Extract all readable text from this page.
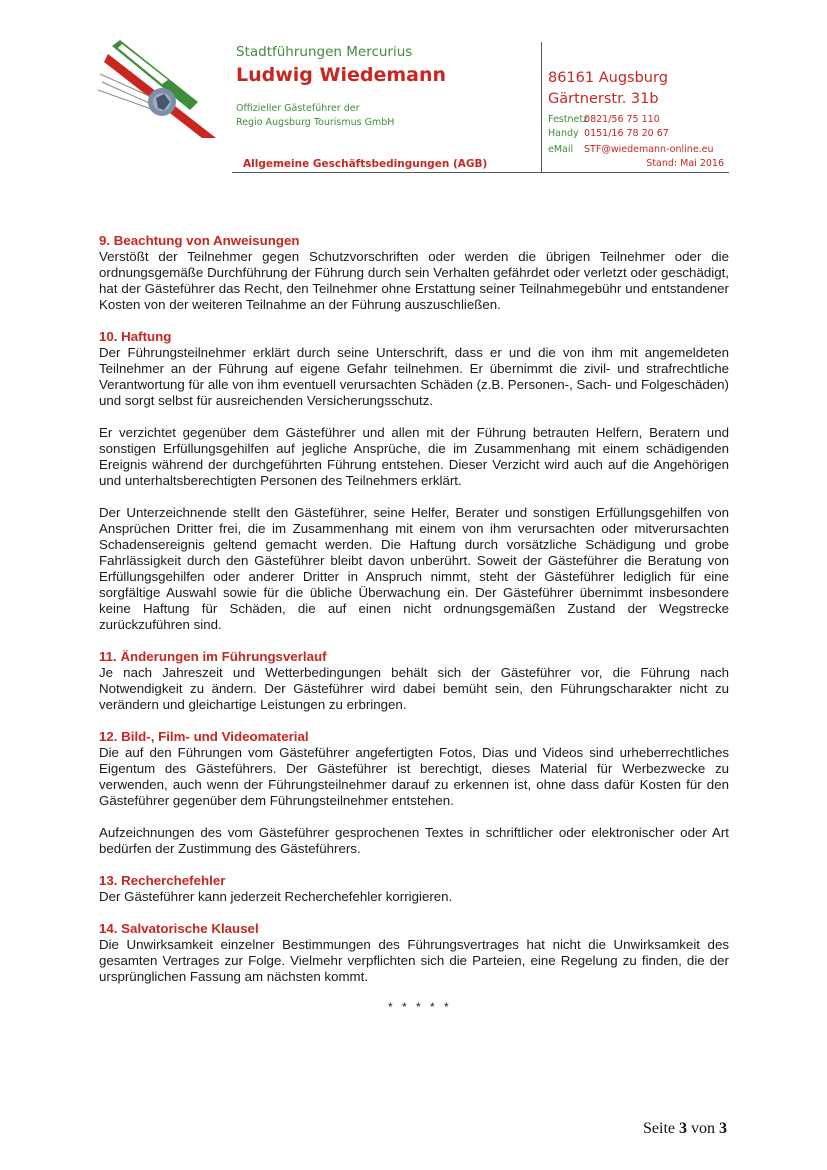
Stadtführungen Mercurius
Ludwig Wiedemann
Offizieller Gästeführer der
Regio Augsburg Tourismus GmbH
86161 Augsburg
Gärtnerstr. 31b
Festnetz 0821/56 75 110
Handy 0151/16 78 20 67
eMail STF@wiedemann-online.eu
Allgemeine Geschäftsbedingungen (AGB)	Stand: Mai 2016
9. Beachtung von Anweisungen

Verstößt der Teilnehmer gegen Schutzvorschriften oder werden die übrigen Teilnehmer oder die ordnungsgemäße Durchführung der Führung durch sein Verhalten gefährdet oder verletzt oder geschädigt, hat der Gästeführer das Recht, den Teilnehmer ohne Erstattung seiner Teilnahmegebühr und entstandener Kosten von der weiteren Teilnahme an der Führung auszuschließen.

10. Haftung

Der Führungsteilnehmer erklärt durch seine Unterschrift, dass er und die von ihm mit angemeldeten Teilnehmer an der Führung auf eigene Gefahr teilnehmen. Er übernimmt die zivil- und strafrechtliche Verantwortung für alle von ihm eventuell verursachten Schäden (z.B. Personen-, Sach- und Folgeschäden) und sorgt selbst für ausreichenden Versicherungsschutz.

Er verzichtet gegenüber dem Gästeführer und allen mit der Führung betrauten Helfern, Beratern und sonstigen Erfüllungsgehilfen auf jegliche Ansprüche, die im Zusammenhang mit einem schädigenden Ereignis während der durchgeführten Führung entstehen. Dieser Verzicht wird auch auf die Angehörigen und unterhaltsberechtigten Personen des Teilnehmers erklärt.

Der Unterzeichnende stellt den Gästeführer, seine Helfer, Berater und sonstigen Erfüllungsgehilfen von Ansprüchen Dritter frei, die im Zusammenhang mit einem von ihm verursachten oder mitverursachten Schadensereignis geltend gemacht werden. Die Haftung durch vorsätzliche Schädigung und grobe Fahrlässigkeit durch den Gästeführer bleibt davon unberührt. Soweit der Gästeführer die Beratung von Erfüllungsgehilfen oder anderer Dritter in Anspruch nimmt, steht der Gästeführer lediglich für eine sorgfältige Auswahl sowie für die übliche Überwachung ein. Der Gästeführer übernimmt insbesondere keine Haftung für Schäden, die auf einen nicht ordnungsgemäßen Zustand der Wegstrecke zurückzuführen sind.

11. Änderungen im Führungsverlauf

Je nach Jahreszeit und Wetterbedingungen behält sich der Gästeführer vor, die Führung nach Notwendigkeit zu ändern. Der Gästeführer wird dabei bemüht sein, den Führungscharakter nicht zu verändern und gleichartige Leistungen zu erbringen.

12. Bild-, Film- und Videomaterial

Die auf den Führungen vom Gästeführer angefertigten Fotos, Dias und Videos sind urheberrechtliches Eigentum des Gästeführers. Der Gästeführer ist berechtigt, dieses Material für Werbezwecke zu verwenden, auch wenn der Führungsteilnehmer darauf zu erkennen ist, ohne dass dafür Kosten für den Gästeführer gegenüber dem Führungsteilnehmer entstehen.

Aufzeichnungen des vom Gästeführer gesprochenen Textes in schriftlicher oder elektronischer oder Art bedürfen der Zustimmung des Gästeführers.

13. Recherchefehler

Der Gästeführer kann jederzeit Recherchefehler korrigieren.

14. Salvatorische Klausel

Die Unwirksamkeit einzelner Bestimmungen des Führungsvertrages hat nicht die Unwirksamkeit des gesamten Vertrages zur Folge. Vielmehr verpflichten sich die Parteien, eine Regelung zu finden, die der ursprünglichen Fassung am nächsten kommt.

* * * * *
Seite 3 von 3
